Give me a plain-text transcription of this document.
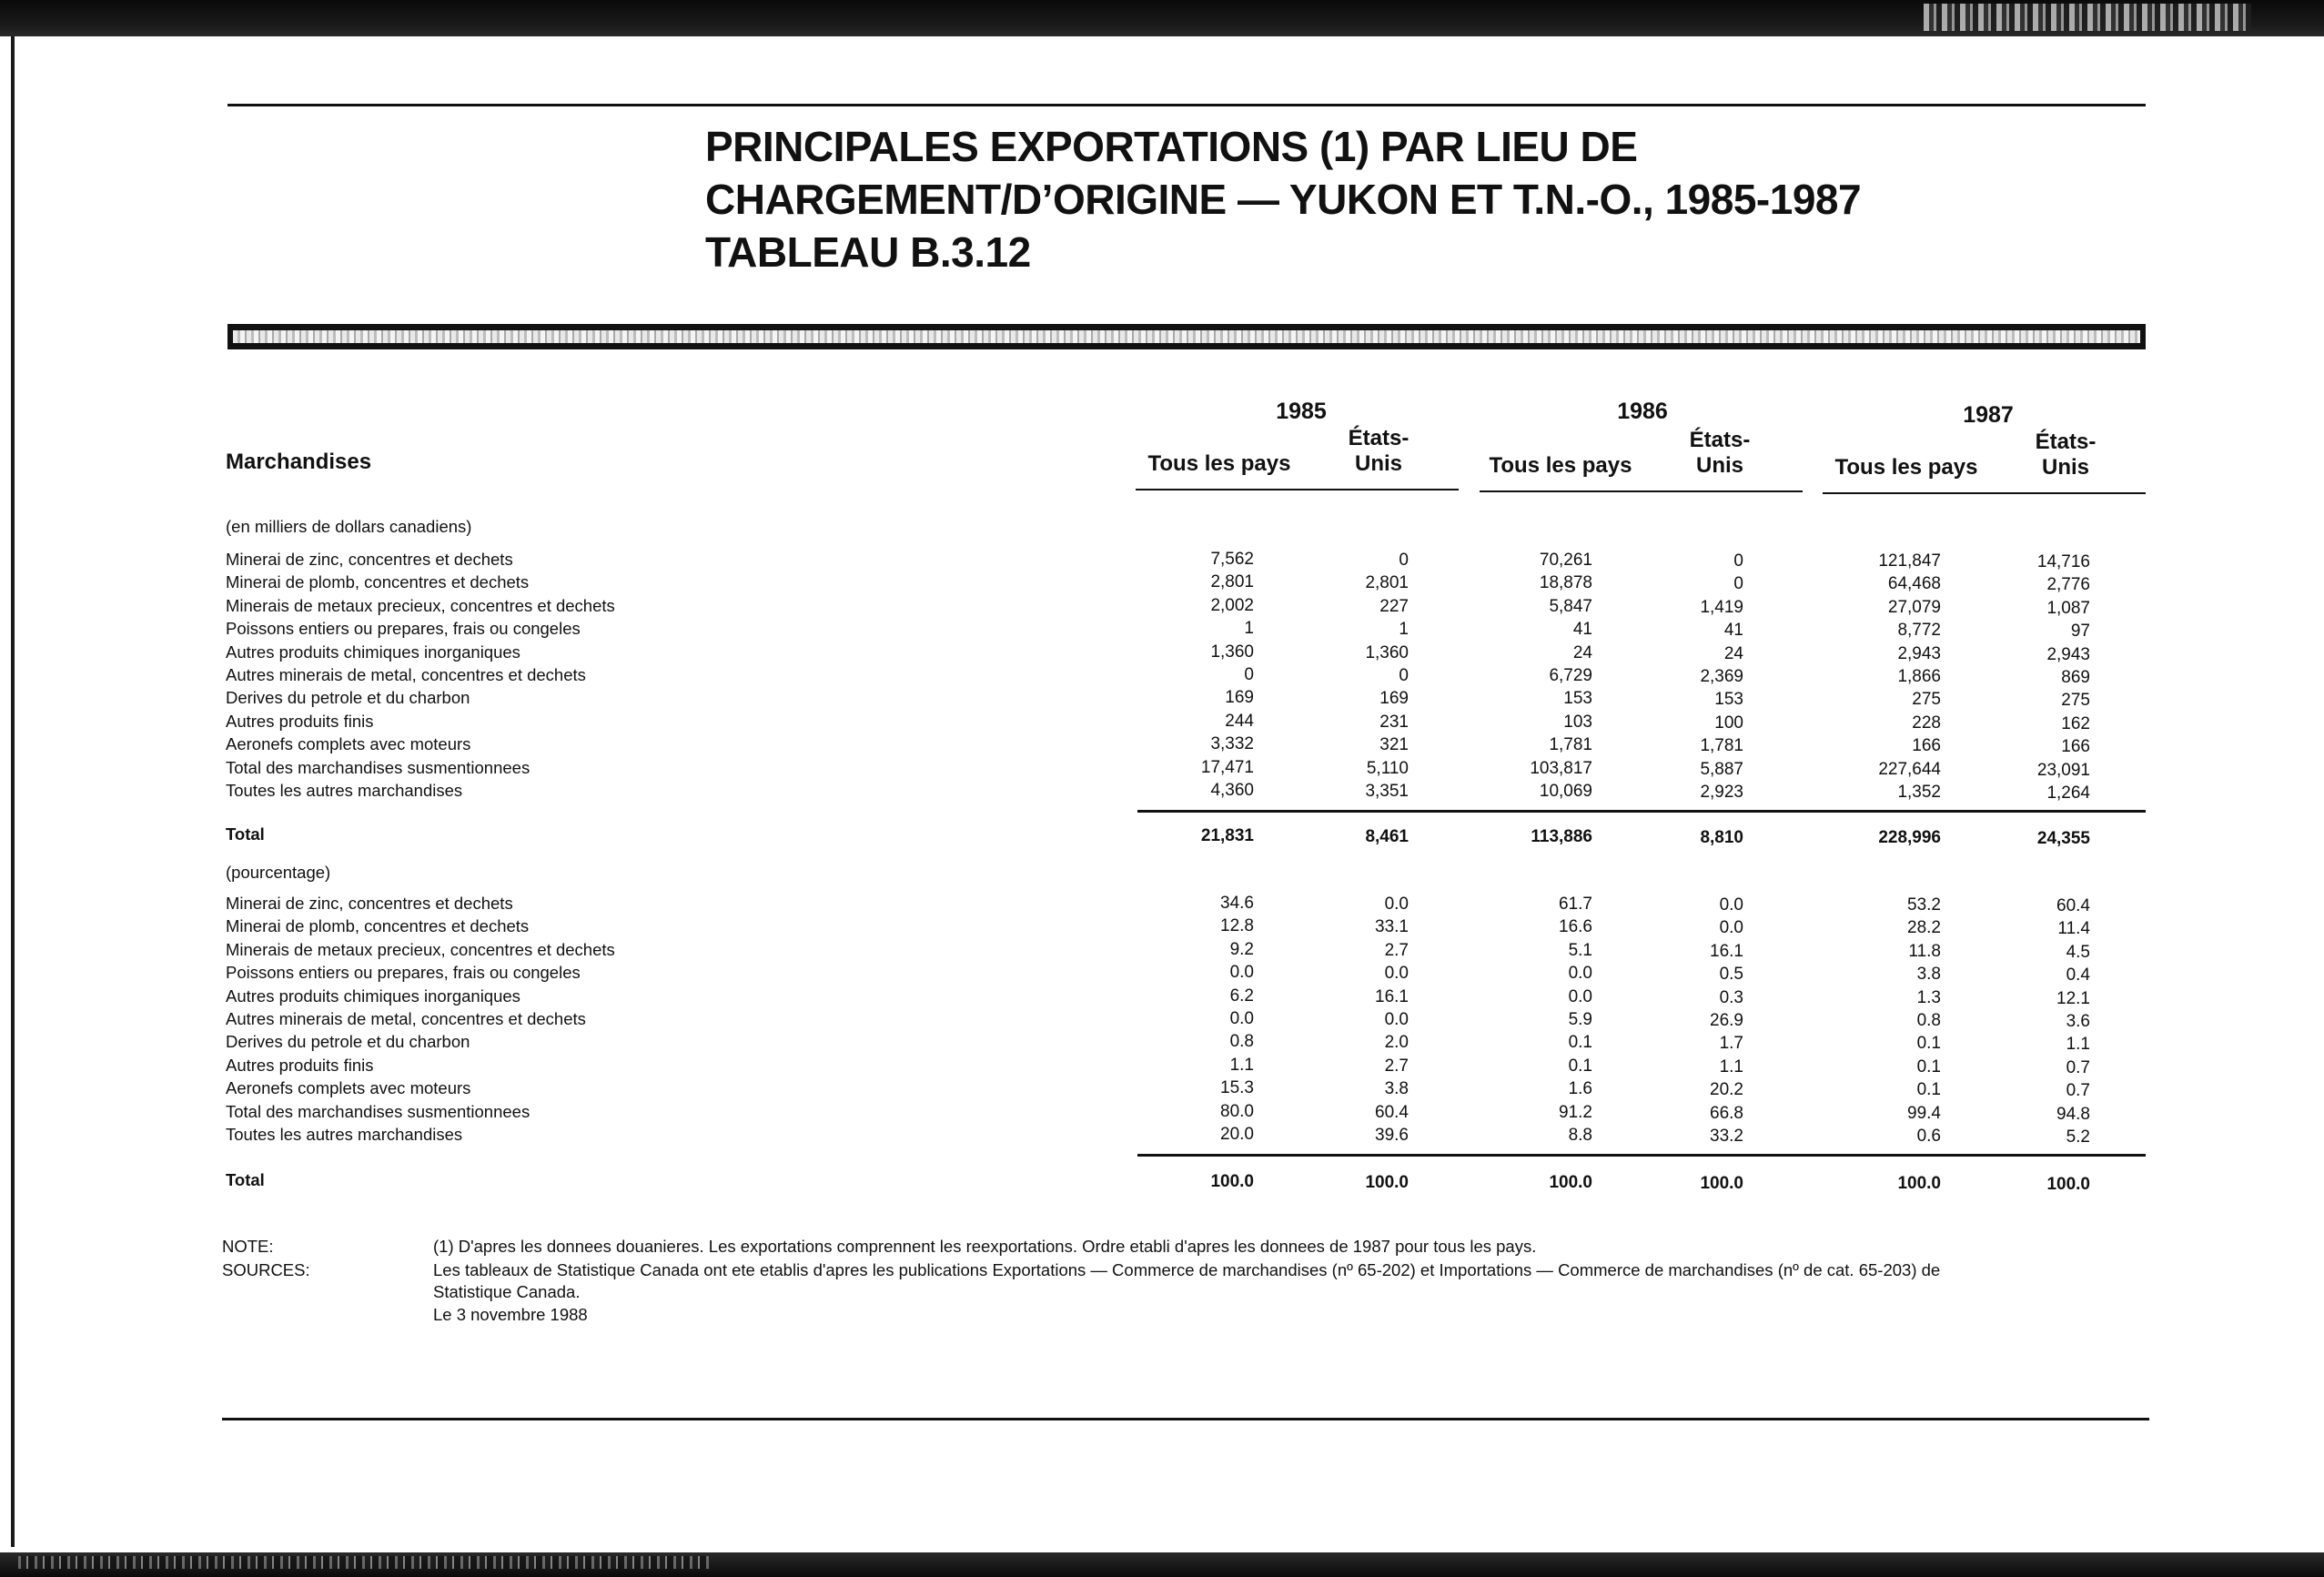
PRINCIPALES EXPORTATIONS (1) PAR LIEU DE
CHARGEMENT/D’ORIGINE — YUKON ET T.N.-O., 1985-1987
TABLEAU B.3.12
Marchandises
1985	1986	1987
Tous les pays
États-
Unis	Tous les pays
États-
Unis	Tous les pays
États-
Unis
(en milliers de dollars canadiens)
Minerai de zinc, concentres et dechets	7,562	0	70,261	0	121,847	14,716
Minerai de plomb, concentres et dechets	2,801	2,801	18,878	0	64,468	2,776
Minerais de metaux precieux, concentres et dechets	2,002	227	5,847	1,419	27,079	1,087
Poissons entiers ou prepares, frais ou congeles	1	1	41	41	8,772	97
Autres produits chimiques inorganiques	1,360	1,360	24	24	2,943	2,943
Autres minerais de metal, concentres et dechets	0	0	6,729	2,369	1,866	869
Derives du petrole et du charbon	169	169	153	153	275	275
Autres produits finis	244	231	103	100	228	162
Aeronefs complets avec moteurs	3,332	321	1,781	1,781	166	166
Total des marchandises susmentionnees	17,471	5,110	103,817	5,887	227,644	23,091
Toutes les autres marchandises	4,360	3,351	10,069	2,923	1,352	1,264
Total	21,831	8,461	113,886	8,810	228,996	24,355
(pourcentage)
Minerai de zinc, concentres et dechets	34.6	0.0	61.7	0.0	53.2	60.4
Minerai de plomb, concentres et dechets	12.8	33.1	16.6	0.0	28.2	11.4
Minerais de metaux precieux, concentres et dechets	9.2	2.7	5.1	16.1	11.8	4.5
Poissons entiers ou prepares, frais ou congeles	0.0	0.0	0.0	0.5	3.8	0.4
Autres produits chimiques inorganiques	6.2	16.1	0.0	0.3	1.3	12.1
Autres minerais de metal, concentres et dechets	0.0	0.0	5.9	26.9	0.8	3.6
Derives du petrole et du charbon	0.8	2.0	0.1	1.7	0.1	1.1
Autres produits finis	1.1	2.7	0.1	1.1	0.1	0.7
Aeronefs complets avec moteurs	15.3	3.8	1.6	20.2	0.1	0.7
Total des marchandises susmentionnees	80.0	60.4	91.2	66.8	99.4	94.8
Toutes les autres marchandises	20.0	39.6	8.8	33.2	0.6	5.2
Total	100.0	100.0	100.0	100.0	100.0	100.0
NOTE:	(1) D'apres les donnees douanieres. Les exportations comprennent les reexportations. Ordre etabli d'apres les donnees de 1987 pour tous les pays.
SOURCES:	Les tableaux de Statistique Canada ont ete etablis d'apres les publications Exportations — Commerce de marchandises (nº 65-202) et Importations — Commerce de marchandises (nº de cat. 65-203) de
Statistique Canada.
Le 3 novembre 1988
